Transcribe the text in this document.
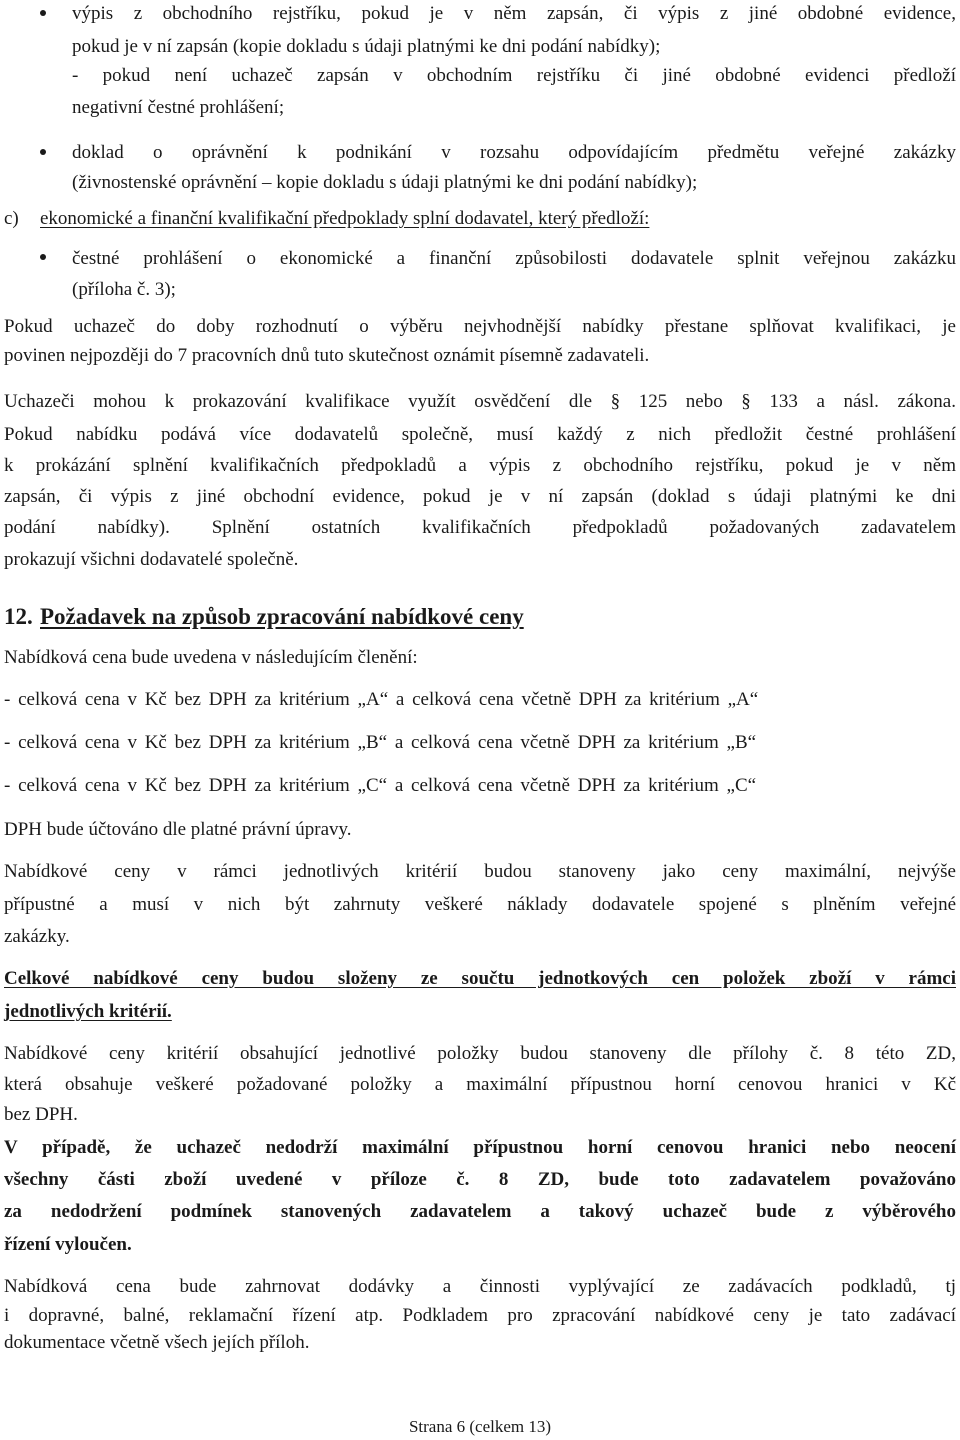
výpis z obchodního rejstříku, pokud je v něm zapsán, či výpis z jiné obdobné evidence,
pokud je v ní zapsán (kopie dokladu s údaji platnými ke dni podání nabídky);
- pokud není uchazeč zapsán v obchodním rejstříku či jiné obdobné evidenci předloží
negativní čestné prohlášení;
doklad o oprávnění k podnikání v rozsahu odpovídajícím předmětu veřejné zakázky
(živnostenské oprávnění – kopie dokladu s údaji platnými ke dni podání nabídky);
c) ekonomické a finanční kvalifikační předpoklady splní dodavatel, který předloží:
čestné prohlášení o ekonomické a finanční způsobilosti dodavatele splnit veřejnou zakázku
(příloha č. 3);
Pokud uchazeč do doby rozhodnutí o výběru nejvhodnější nabídky přestane splňovat kvalifikaci, je
povinen nejpozději do 7 pracovních dnů tuto skutečnost oznámit písemně zadavateli.
Uchazeči mohou k prokazování kvalifikace využít osvědčení dle § 125 nebo § 133 a násl. zákona.
Pokud nabídku podává více dodavatelů společně, musí každý z nich předložit čestné prohlášení
k prokázání splnění kvalifikačních předpokladů a výpis z obchodního rejstříku, pokud je v něm
zapsán, či výpis z jiné obchodní evidence, pokud je v ní zapsán (doklad s údaji platnými ke dni
podání nabídky). Splnění ostatních kvalifikačních předpokladů požadovaných zadavatelem
prokazují všichni dodavatelé společně.
12. Požadavek na způsob zpracování nabídkové ceny
Nabídková cena bude uvedena v následujícím členění:
- celková cena v Kč bez DPH za kritérium „A“ a celková cena včetně DPH za kritérium „A“
- celková cena v Kč bez DPH za kritérium „B“ a celková cena včetně DPH za kritérium „B“
- celková cena v Kč bez DPH za kritérium „C“ a celková cena včetně DPH za kritérium „C“
DPH bude účtováno dle platné právní úpravy.
Nabídkové ceny v rámci jednotlivých kritérií budou stanoveny jako ceny maximální, nejvýše
přípustné a musí v nich být zahrnuty veškeré náklady dodavatele spojené s plněním veřejné
zakázky.
Celkové nabídkové ceny budou složeny ze součtu jednotkových cen položek zboží v rámci
jednotlivých kritérií.
Nabídkové ceny kritérií obsahující jednotlivé položky budou stanoveny dle přílohy č. 8 této ZD,
která obsahuje veškeré požadované položky a maximální přípustnou horní cenovou hranici v Kč
bez DPH.
V případě, že uchazeč nedodrží maximální přípustnou horní cenovou hranici nebo neocení
všechny části zboží uvedené v příloze č. 8 ZD, bude toto zadavatelem považováno
za nedodržení podmínek stanovených zadavatelem a takový uchazeč bude z výběrového
řízení vyloučen.
Nabídková cena bude zahrnovat dodávky a činnosti vyplývající ze zadávacích podkladů, tj
i dopravné, balné, reklamační řízení atp. Podkladem pro zpracování nabídkové ceny je tato zadávací
dokumentace včetně všech jejích příloh.
Strana 6 (celkem 13)
